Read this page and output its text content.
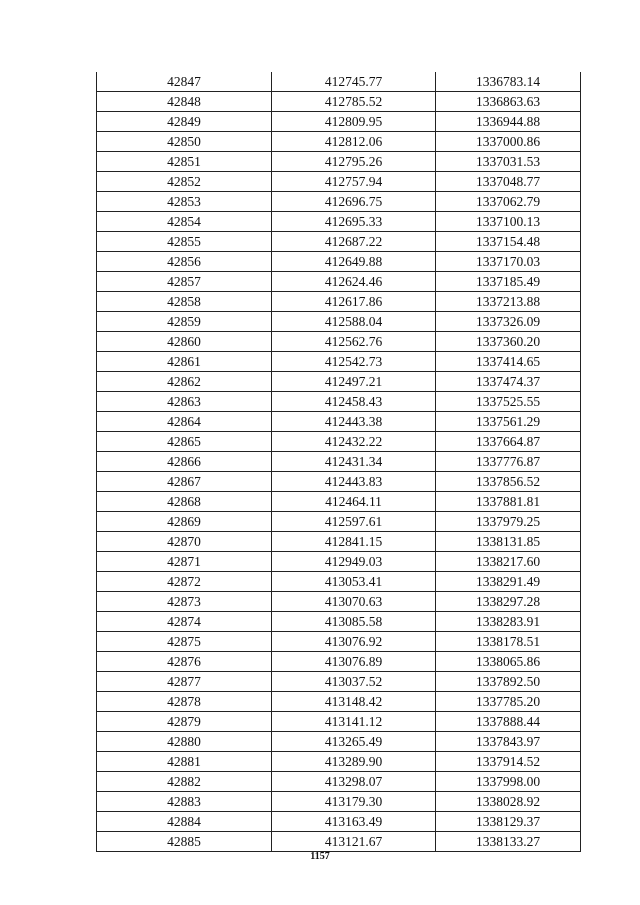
42847	412745.77	1336783.14
42848	412785.52	1336863.63
42849	412809.95	1336944.88
42850	412812.06	1337000.86
42851	412795.26	1337031.53
42852	412757.94	1337048.77
42853	412696.75	1337062.79
42854	412695.33	1337100.13
42855	412687.22	1337154.48
42856	412649.88	1337170.03
42857	412624.46	1337185.49
42858	412617.86	1337213.88
42859	412588.04	1337326.09
42860	412562.76	1337360.20
42861	412542.73	1337414.65
42862	412497.21	1337474.37
42863	412458.43	1337525.55
42864	412443.38	1337561.29
42865	412432.22	1337664.87
42866	412431.34	1337776.87
42867	412443.83	1337856.52
42868	412464.11	1337881.81
42869	412597.61	1337979.25
42870	412841.15	1338131.85
42871	412949.03	1338217.60
42872	413053.41	1338291.49
42873	413070.63	1338297.28
42874	413085.58	1338283.91
42875	413076.92	1338178.51
42876	413076.89	1338065.86
42877	413037.52	1337892.50
42878	413148.42	1337785.20
42879	413141.12	1337888.44
42880	413265.49	1337843.97
42881	413289.90	1337914.52
42882	413298.07	1337998.00
42883	413179.30	1338028.92
42884	413163.49	1338129.37
42885	413121.67	1338133.27
1157
